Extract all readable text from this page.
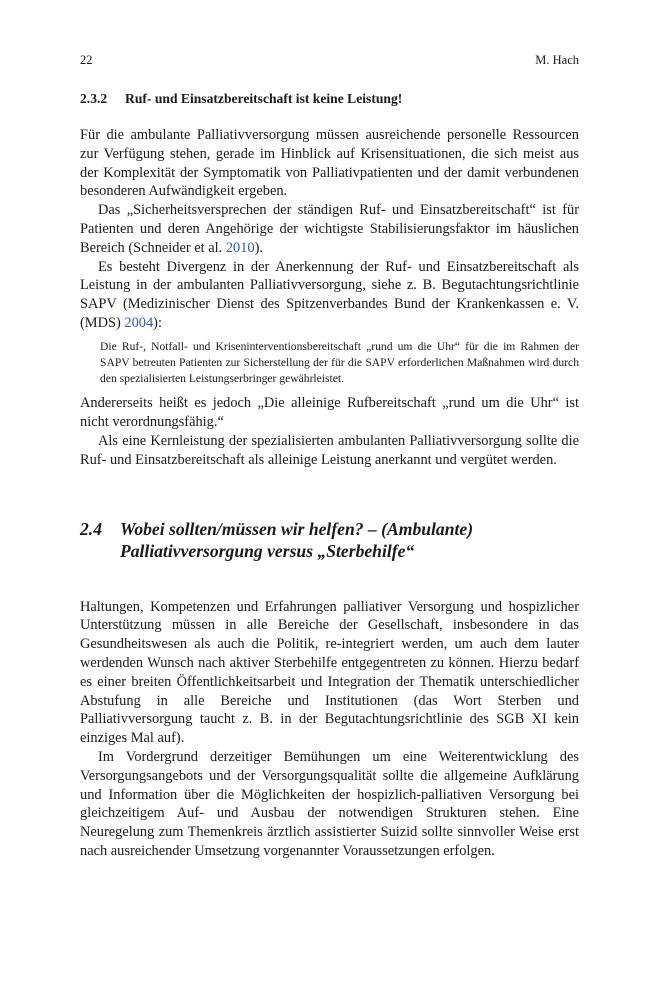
22	M. Hach
2.3.2	Ruf- und Einsatzbereitschaft ist keine Leistung!

Für die ambulante Palliativversorgung müssen ausreichende personelle Ressourcen zur Verfügung stehen, gerade im Hinblick auf Krisensituationen, die sich meist aus der Komplexität der Symptomatik von Palliativpatienten und der damit verbundenen besonderen Aufwändigkeit ergeben.

Das „Sicherheitsversprechen der ständigen Ruf- und Einsatzbereitschaft“ ist für Patienten und deren Angehörige der wichtigste Stabilisierungsfaktor im häuslichen Bereich (Schneider et al. 2010).

Es besteht Divergenz in der Anerkennung der Ruf- und Einsatzbereitschaft als Leistung in der ambulanten Palliativversorgung, siehe z. B. Begutachtungsrichtlinie SAPV (Medizinischer Dienst des Spitzenverbandes Bund der Krankenkassen e. V. (MDS) 2004):

Die Ruf-, Notfall- und Kriseninterventionsbereitschaft „rund um die Uhr“ für die im Rahmen der SAPV betreuten Patienten zur Sicherstellung der für die SAPV erforderlichen Maßnahmen wird durch den spezialisierten Leistungserbringer gewährleistet.

Andererseits heißt es jedoch „Die alleinige Rufbereitschaft „rund um die Uhr“ ist nicht verordnungsfähig.“

Als eine Kernleistung der spezialisierten ambulanten Palliativversorgung sollte die Ruf- und Einsatzbereitschaft als alleinige Leistung anerkannt und vergütet werden.

2.4	Wobei sollten/müssen wir helfen? – (Ambulante)
Palliativversorgung versus „Sterbehilfe“

Haltungen, Kompetenzen und Erfahrungen palliativer Versorgung und hospizlicher Unterstützung müssen in alle Bereiche der Gesellschaft, insbesondere in das Gesundheitswesen als auch die Politik, re-integriert werden, um auch dem lauter werdenden Wunsch nach aktiver Sterbehilfe entgegentreten zu können. Hierzu bedarf es einer breiten Öffentlichkeitsarbeit und Integration der Thematik unterschiedlicher Abstufung in alle Bereiche und Institutionen (das Wort Sterben und Palliativversorgung taucht z. B. in der Begutachtungsrichtlinie des SGB XI kein einziges Mal auf).

Im Vordergrund derzeitiger Bemühungen um eine Weiterentwicklung des Versorgungsangebots und der Versorgungsqualität sollte die allgemeine Aufklärung und Information über die Möglichkeiten der hospizlich-palliativen Versorgung bei gleichzeitigem Auf- und Ausbau der notwendigen Strukturen stehen. Eine Neuregelung zum Themenkreis ärztlich assistierter Suizid sollte sinnvoller Weise erst nach ausreichender Umsetzung vorgenannter Voraussetzungen erfolgen.
